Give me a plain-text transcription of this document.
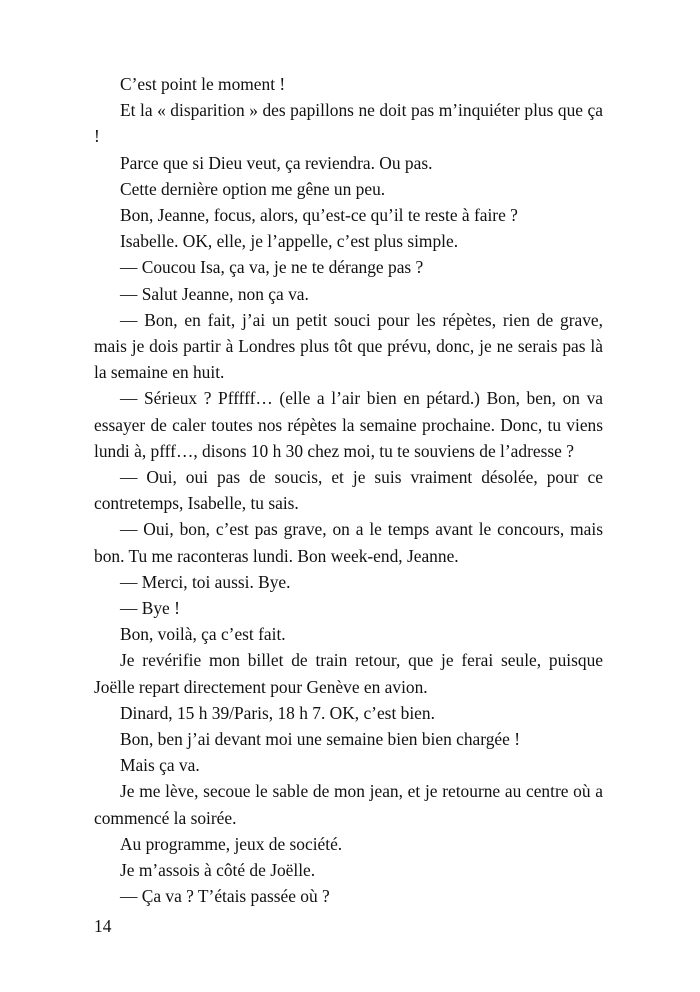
C’est point le moment !

Et la « disparition » des papillons ne doit pas m’inquiéter plus que ça !

Parce que si Dieu veut, ça reviendra. Ou pas.

Cette dernière option me gêne un peu.

Bon, Jeanne, focus, alors, qu’est-ce qu’il te reste à faire ?

Isabelle. OK, elle, je l’appelle, c’est plus simple.

— Coucou Isa, ça va, je ne te dérange pas ?

— Salut Jeanne, non ça va.

— Bon, en fait, j’ai un petit souci pour les répètes, rien de grave, mais je dois partir à Londres plus tôt que prévu, donc, je ne serais pas là la semaine en huit.

— Sérieux ? Pfffff… (elle a l’air bien en pétard.) Bon, ben, on va essayer de caler toutes nos répètes la semaine prochaine. Donc, tu viens lundi à, pfff…, disons 10 h 30 chez moi, tu te souviens de l’adresse ?

— Oui, oui pas de soucis, et je suis vraiment désolée, pour ce contretemps, Isabelle, tu sais.

— Oui, bon, c’est pas grave, on a le temps avant le concours, mais bon. Tu me raconteras lundi. Bon week-end, Jeanne.

— Merci, toi aussi. Bye.

— Bye !

Bon, voilà, ça c’est fait.

Je revérifie mon billet de train retour, que je ferai seule, puisque Joëlle repart directement pour Genève en avion.

Dinard, 15 h 39/Paris, 18 h 7. OK, c’est bien.

Bon, ben j’ai devant moi une semaine bien bien chargée !

Mais ça va.

Je me lève, secoue le sable de mon jean, et je retourne au centre où a commencé la soirée.

Au programme, jeux de société.

Je m’assois à côté de Joëlle.

— Ça va ? T’étais passée où ?

14
